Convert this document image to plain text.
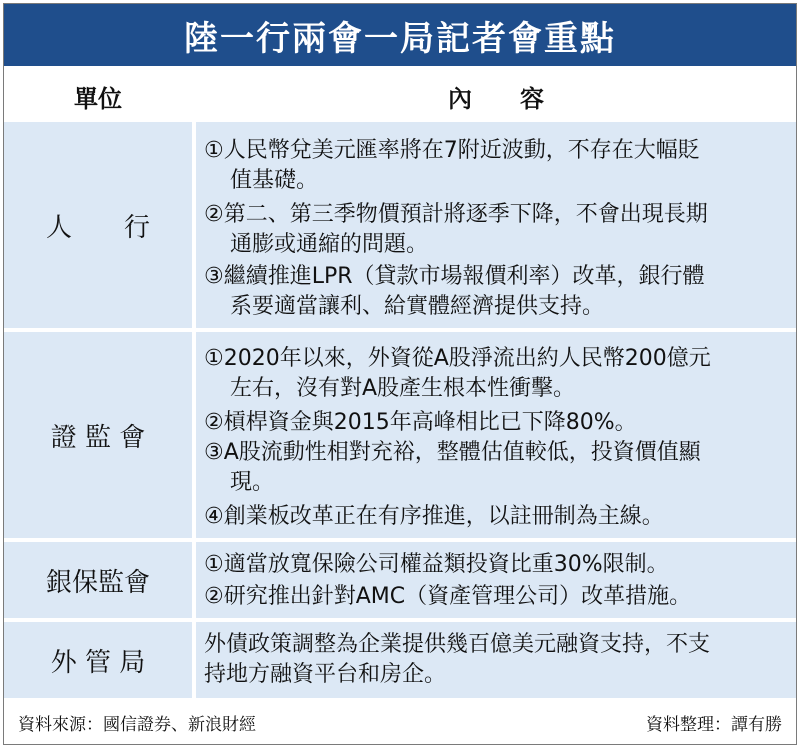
陸一行兩會一局記者會重點
單位	內　　容
人　　行
①人民幣兌美元匯率將在7附近波動，不存在大幅貶
值基礎。
②第二、第三季物價預計將逐季下降，不會出現長期
通膨或通縮的問題。
③繼續推進LPR（貸款市場報價利率）改革，銀行體
系要適當讓利、給實體經濟提供支持。
證 監 會
①2020年以來，外資從A股淨流出約人民幣200億元
左右，沒有對A股產生根本性衝擊。
②槓桿資金與2015年高峰相比已下降80%。
③A股流動性相對充裕，整體估值較低，投資價值顯
現。
④創業板改革正在有序推進，以註冊制為主線。
銀保監會
①適當放寬保險公司權益類投資比重30%限制。
②研究推出針對AMC（資產管理公司）改革措施。
外 管 局
外債政策調整為企業提供幾百億美元融資支持，不支
持地方融資平台和房企。
資料來源：國信證券、新浪財經	資料整理：譚有勝
